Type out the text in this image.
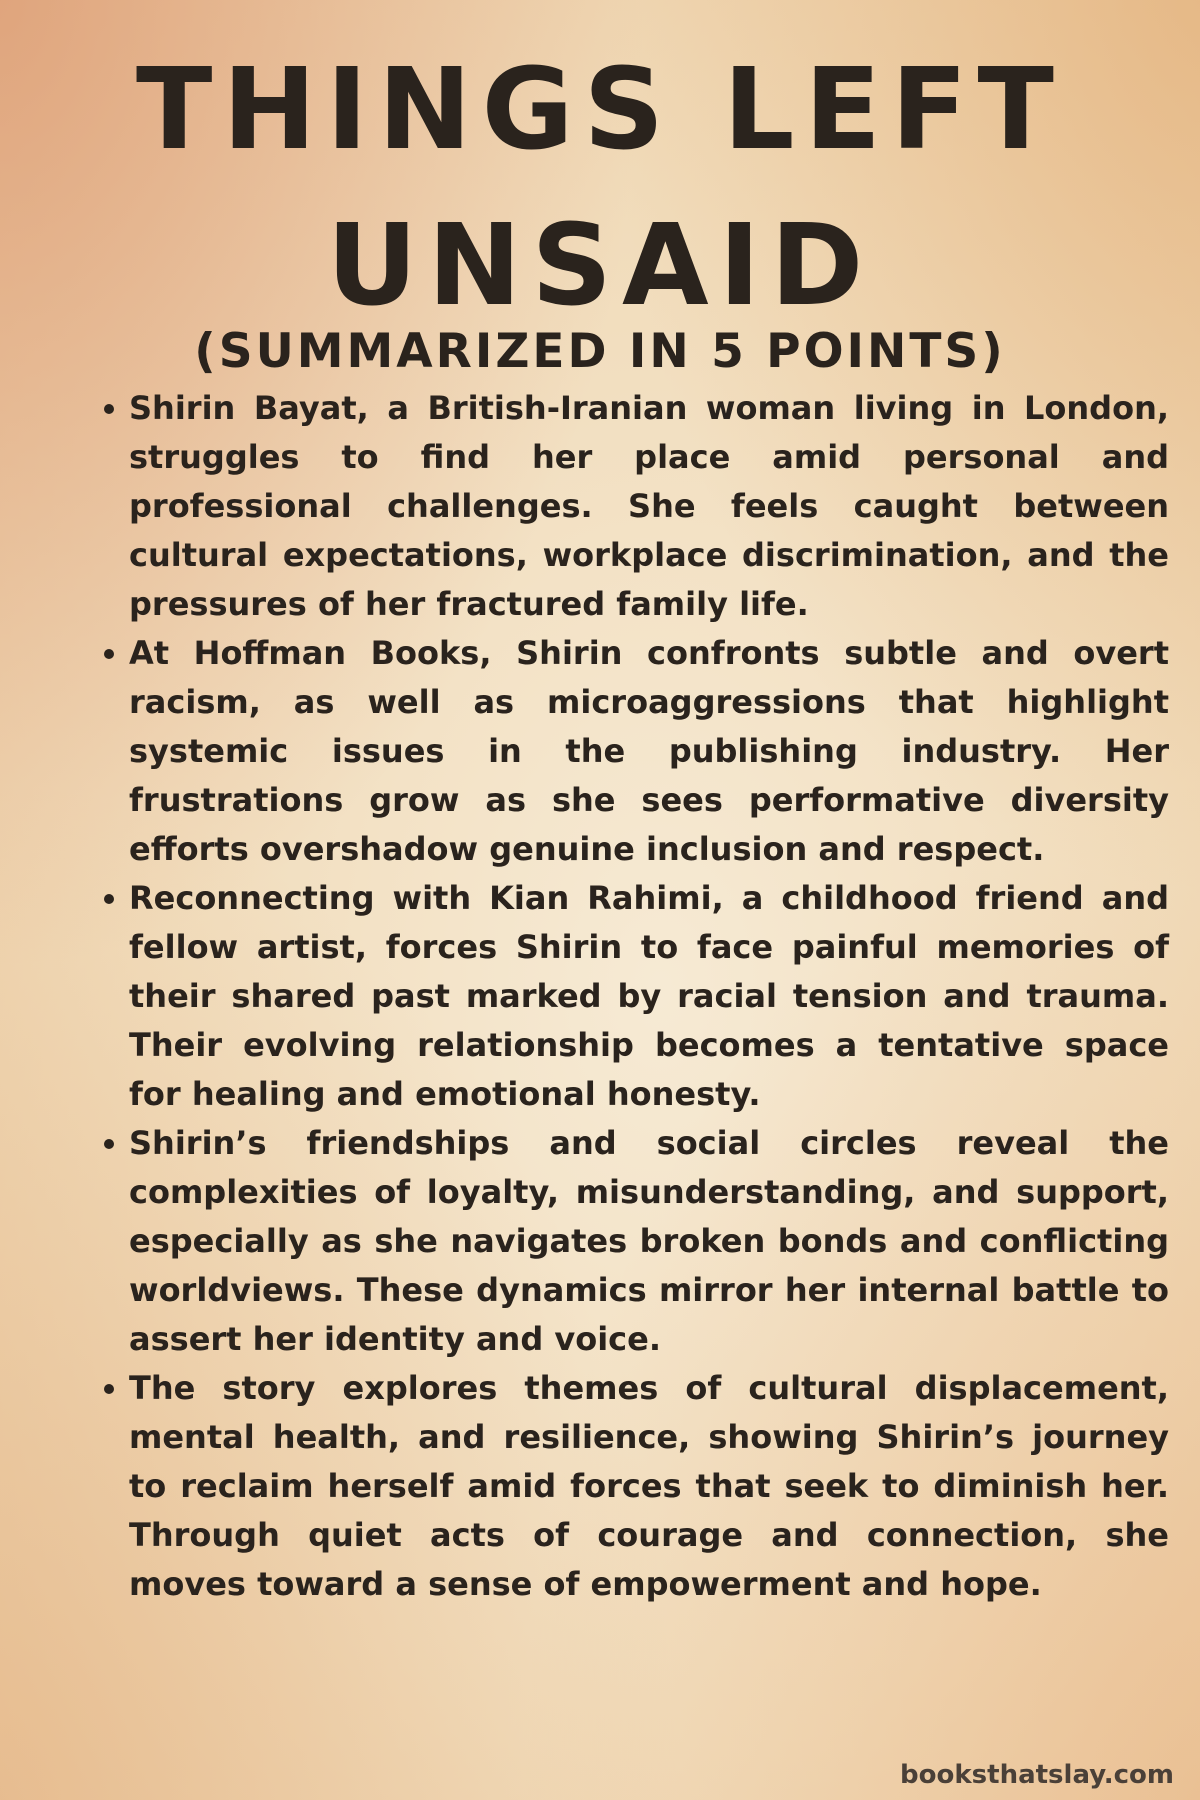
THINGS LEFT
UNSAID
(SUMMARIZED IN 5 POINTS)
Shirin Bayat, a British-Iranian woman living in London, struggles to find her place amid personal and professional challenges. She feels caught between cultural expectations, workplace discrimination, and the pressures of her fractured family life.
At Hoffman Books, Shirin confronts subtle and overt racism, as well as microaggressions that highlight systemic issues in the publishing industry. Her frustrations grow as she sees performative diversity efforts overshadow genuine inclusion and respect.
Reconnecting with Kian Rahimi, a childhood friend and fellow artist, forces Shirin to face painful memories of their shared past marked by racial tension and trauma. Their evolving relationship becomes a tentative space for healing and emotional honesty.
Shirin’s friendships and social circles reveal the complexities of loyalty, misunderstanding, and support, especially as she navigates broken bonds and conflicting worldviews. These dynamics mirror her internal battle to assert her identity and voice.
The story explores themes of cultural displacement, mental health, and resilience, showing Shirin’s journey to reclaim herself amid forces that seek to diminish her. Through quiet acts of courage and connection, she moves toward a sense of empowerment and hope.

booksthatslay.com
